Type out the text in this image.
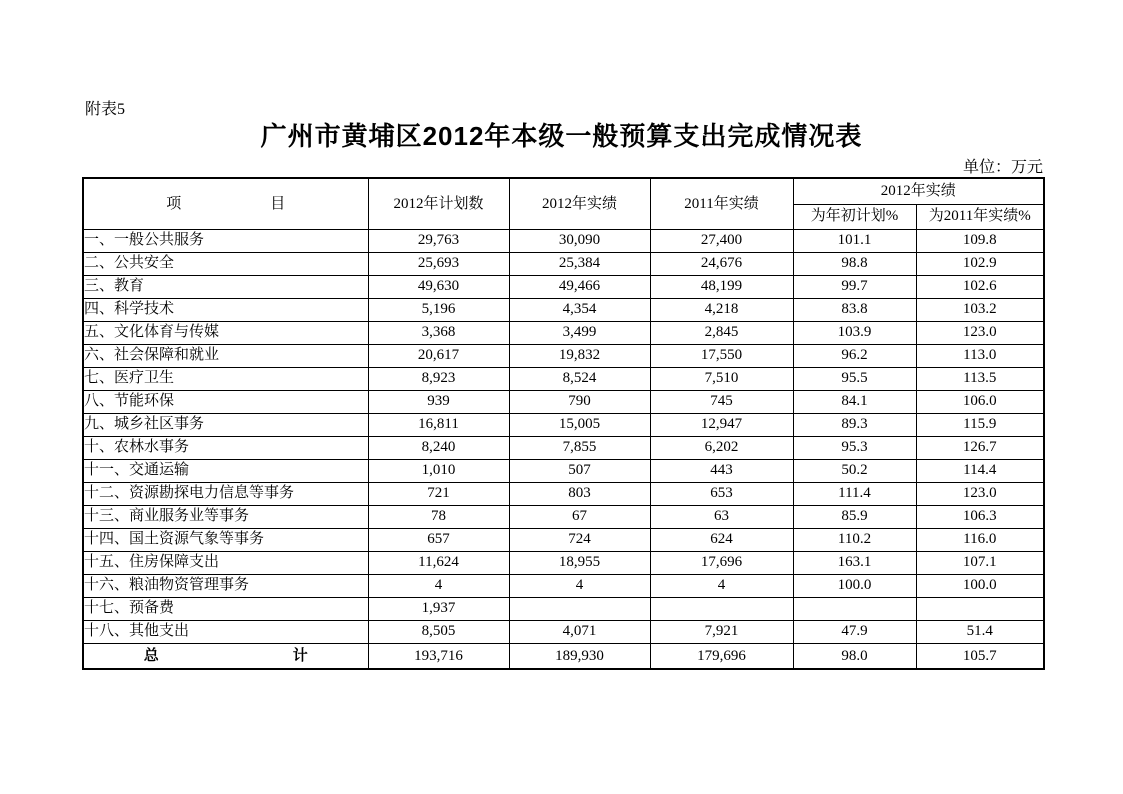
附表5
广州市黄埔区2012年本级一般预算支出完成情况表
单位：万元
项 目	2012年计划数	2012年实绩	2011年实绩	2012年实绩	
				为年初计划%	为2011年实绩%
一、一般公共服务	29,763	30,090	27,400	101.1	109.8
二、公共安全	25,693	25,384	24,676	98.8	102.9
三、教育	49,630	49,466	48,199	99.7	102.6
四、科学技术	5,196	4,354	4,218	83.8	103.2
五、文化体育与传媒	3,368	3,499	2,845	103.9	123.0
六、社会保障和就业	20,617	19,832	17,550	96.2	113.0
七、医疗卫生	8,923	8,524	7,510	95.5	113.5
八、节能环保	939	790	745	84.1	106.0
九、城乡社区事务	16,811	15,005	12,947	89.3	115.9
十、农林水事务	8,240	7,855	6,202	95.3	126.7
十一、交通运输	1,010	507	443	50.2	114.4
十二、资源勘探电力信息等事务	721	803	653	111.4	123.0
十三、商业服务业等事务	78	67	63	85.9	106.3
十四、国土资源气象等事务	657	724	624	110.2	116.0
十五、住房保障支出	11,624	18,955	17,696	163.1	107.1
十六、粮油物资管理事务	4	4	4	100.0	100.0
十七、预备费	1,937				
十八、其他支出	8,505	4,071	7,921	47.9	51.4

总 计	193,716	189,930	179,696	98.0	105.7
